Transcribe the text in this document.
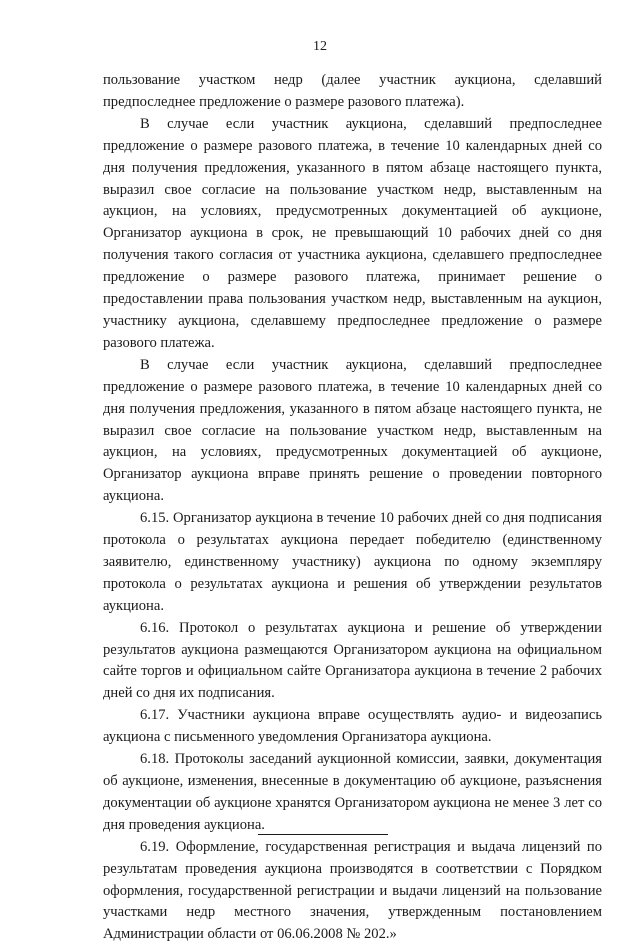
12

пользование участком недр (далее участник аукциона, сделавший предпоследнее предложение о размере разового платежа).

В случае если участник аукциона, сделавший предпоследнее предложение о размере разового платежа, в течение 10 календарных дней со дня получения предложения, указанного в пятом абзаце настоящего пункта, выразил свое согласие на пользование участком недр, выставленным на аукцион, на условиях, предусмотренных документацией об аукционе, Организатор аукциона в срок, не превышающий 10 рабочих дней со дня получения такого согласия от участника аукциона, сделавшего предпоследнее предложение о размере разового платежа, принимает решение о предоставлении права пользования участком недр, выставленным на аукцион, участнику аукциона, сделавшему предпоследнее предложение о размере разового платежа.

В случае если участник аукциона, сделавший предпоследнее предложение о размере разового платежа, в течение 10 календарных дней со дня получения предложения, указанного в пятом абзаце настоящего пункта, не выразил свое согласие на пользование участком недр, выставленным на аукцион, на условиях, предусмотренных документацией об аукционе, Организатор аукциона вправе принять решение о проведении повторного аукциона.

6.15. Организатор аукциона в течение 10 рабочих дней со дня подписания протокола о результатах аукциона передает победителю (единственному заявителю, единственному участнику) аукциона по одному экземпляру протокола о результатах аукциона и решения об утверждении результатов аукциона.

6.16. Протокол о результатах аукциона и решение об утверждении результатов аукциона размещаются Организатором аукциона на официальном сайте торгов и официальном сайте Организатора аукциона в течение 2 рабочих дней со дня их подписания.

6.17. Участники аукциона вправе осуществлять аудио- и видеозапись аукциона с письменного уведомления Организатора аукциона.

6.18. Протоколы заседаний аукционной комиссии, заявки, документация об аукционе, изменения, внесенные в документацию об аукционе, разъяснения документации об аукционе хранятся Организатором аукциона не менее 3 лет со дня проведения аукциона.

6.19. Оформление, государственная регистрация и выдача лицензий по результатам проведения аукциона производятся в соответствии с Порядком оформления, государственной регистрации и выдачи лицензий на пользование участками недр местного значения, утвержденным постановлением Администрации области от 06.06.2008 № 202.»
